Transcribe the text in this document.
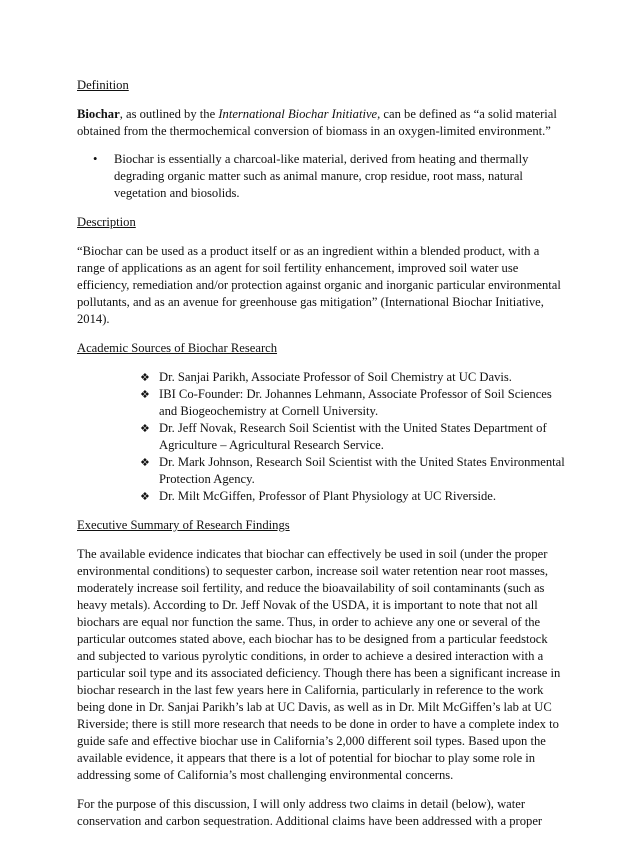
Definition

Biochar, as outlined by the International Biochar Initiative, can be defined as “a solid material obtained from the thermochemical conversion of biomass in an oxygen-limited environment.”

• Biochar is essentially a charcoal-like material, derived from heating and thermally degrading organic matter such as animal manure, crop residue, root mass, natural vegetation and biosolids.

Description

“Biochar can be used as a product itself or as an ingredient within a blended product, with a range of applications as an agent for soil fertility enhancement, improved soil water use efficiency, remediation and/or protection against organic and inorganic particular environmental pollutants, and as an avenue for greenhouse gas mitigation” (International Biochar Initiative, 2014).

Academic Sources of Biochar Research

❖ Dr. Sanjai Parikh, Associate Professor of Soil Chemistry at UC Davis.
❖ IBI Co-Founder: Dr. Johannes Lehmann, Associate Professor of Soil Sciences and Biogeochemistry at Cornell University.
❖ Dr. Jeff Novak, Research Soil Scientist with the United States Department of Agriculture – Agricultural Research Service.
❖ Dr. Mark Johnson, Research Soil Scientist with the United States Environmental Protection Agency.
❖ Dr. Milt McGiffen, Professor of Plant Physiology at UC Riverside.

Executive Summary of Research Findings

The available evidence indicates that biochar can effectively be used in soil (under the proper environmental conditions) to sequester carbon, increase soil water retention near root masses, moderately increase soil fertility, and reduce the bioavailability of soil contaminants (such as heavy metals). According to Dr. Jeff Novak of the USDA, it is important to note that not all biochars are equal nor function the same. Thus, in order to achieve any one or several of the particular outcomes stated above, each biochar has to be designed from a particular feedstock and subjected to various pyrolytic conditions, in order to achieve a desired interaction with a particular soil type and its associated deficiency. Though there has been a significant increase in biochar research in the last few years here in California, particularly in reference to the work being done in Dr. Sanjai Parikh’s lab at UC Davis, as well as in Dr. Milt McGiffen’s lab at UC Riverside; there is still more research that needs to be done in order to have a complete index to guide safe and effective biochar use in California’s 2,000 different soil types. Based upon the available evidence, it appears that there is a lot of potential for biochar to play some role in addressing some of California’s most challenging environmental concerns.

For the purpose of this discussion, I will only address two claims in detail (below), water conservation and carbon sequestration. Additional claims have been addressed with a proper
